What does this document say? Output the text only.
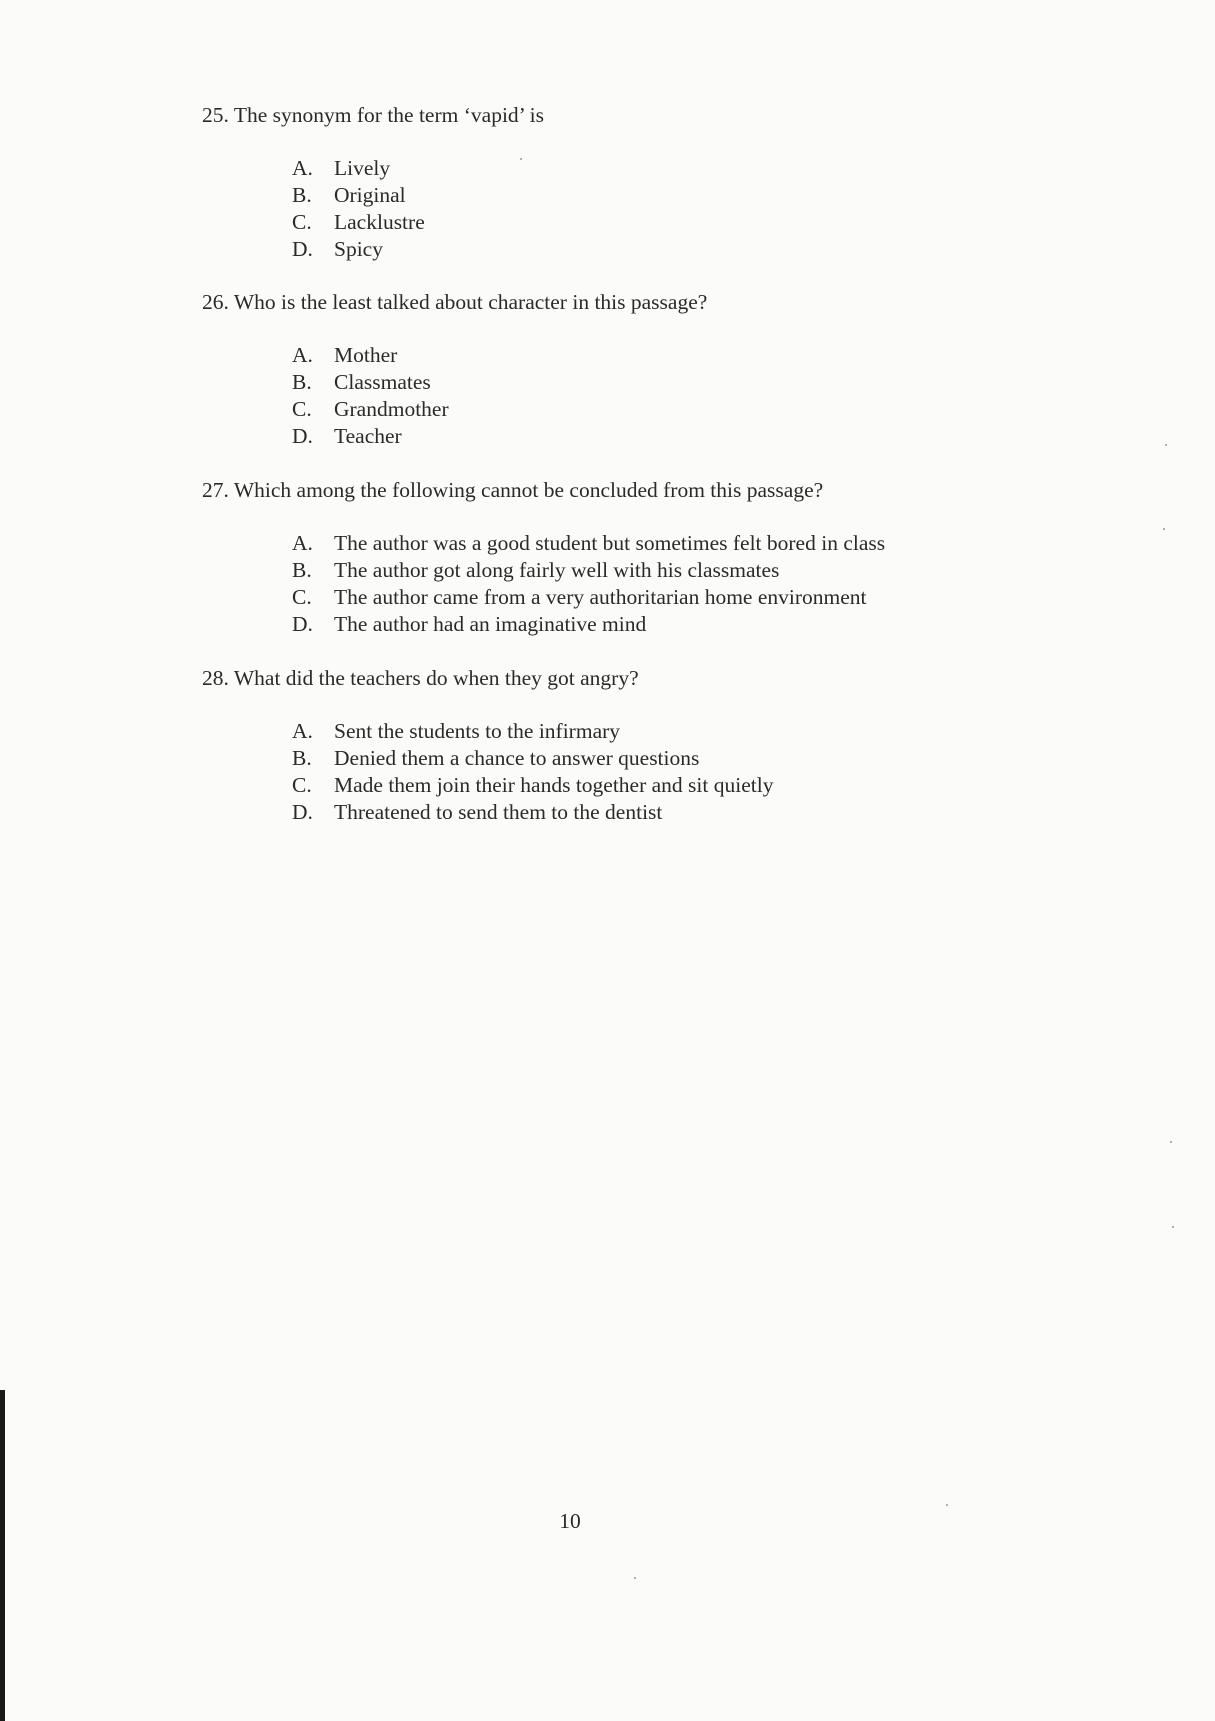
25. The synonym for the term ‘vapid’ is
A. Lively
B. Original
C. Lacklustre
D. Spicy
26. Who is the least talked about character in this passage?
A. Mother
B. Classmates
C. Grandmother
D. Teacher
27. Which among the following cannot be concluded from this passage?
A. The author was a good student but sometimes felt bored in class
B. The author got along fairly well with his classmates
C. The author came from a very authoritarian home environment
D. The author had an imaginative mind
28. What did the teachers do when they got angry?
A. Sent the students to the infirmary
B. Denied them a chance to answer questions
C. Made them join their hands together and sit quietly
D. Threatened to send them to the dentist
10
